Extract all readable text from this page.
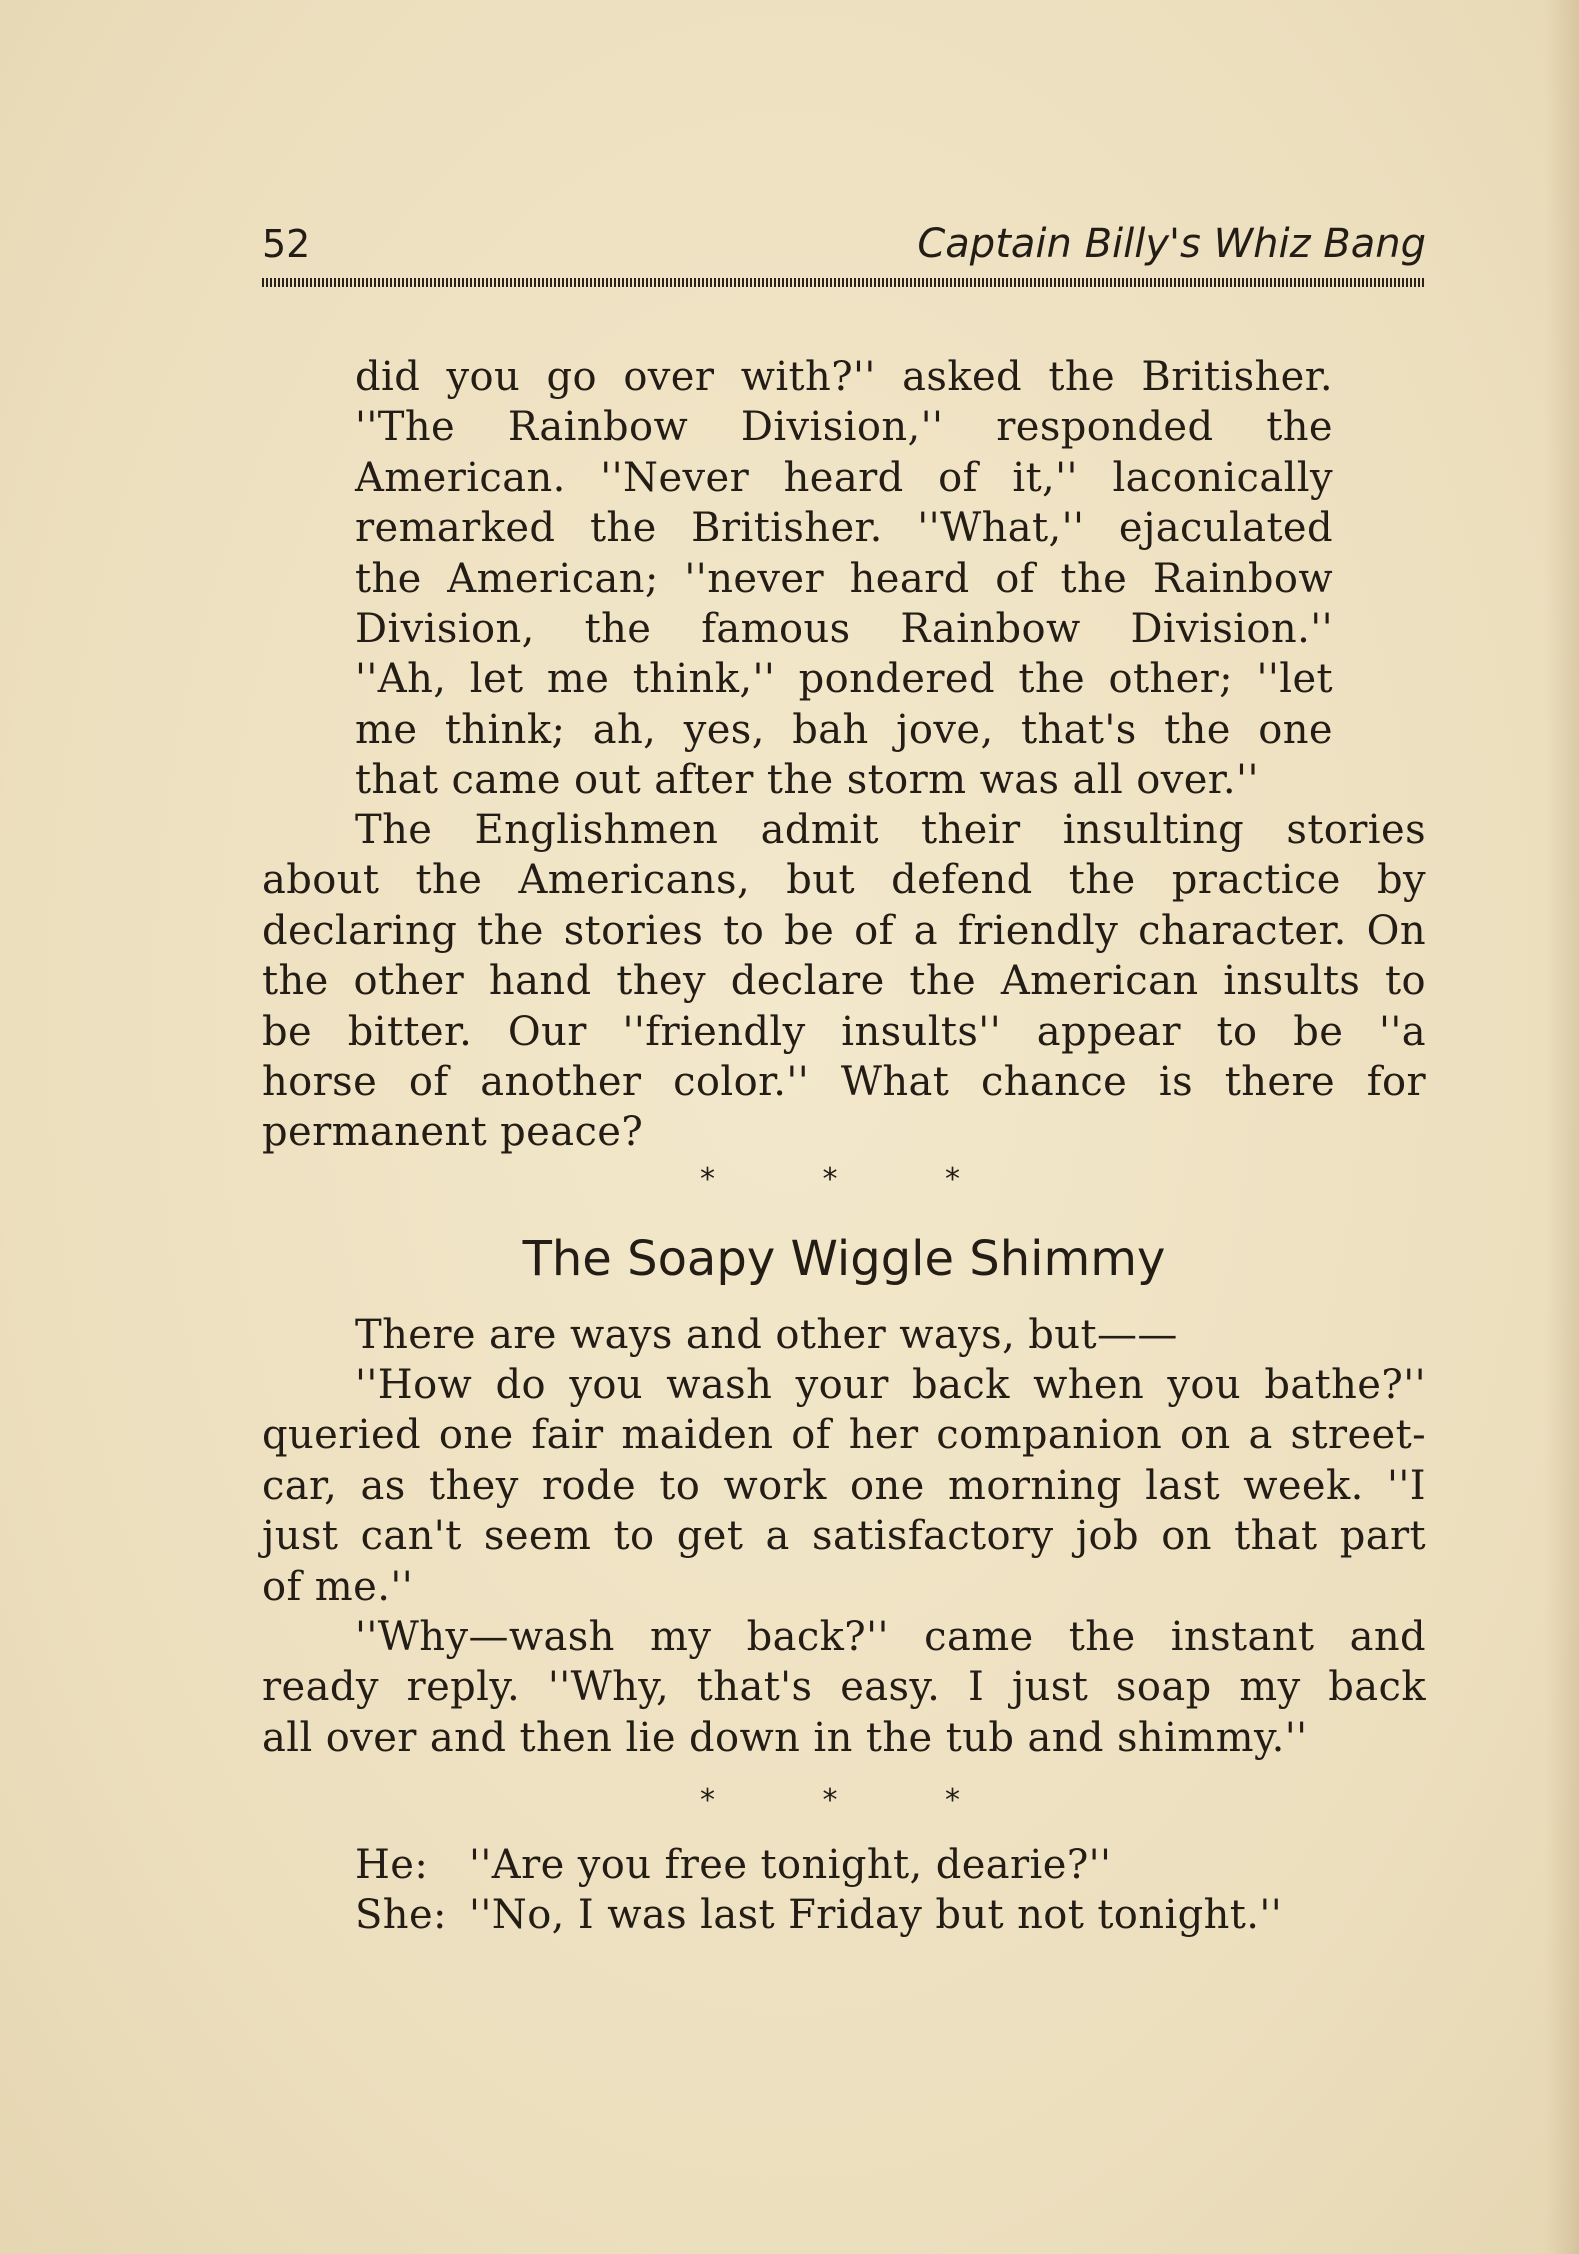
52	Captain Billy's Whiz Bang
did you go over with?'' asked the Britisher.
''The Rainbow Division,'' responded the
American. ''Never heard of it,'' laconically
remarked the Britisher. ''What,'' ejaculated
the American; ''never heard of the Rainbow
Division, the famous Rainbow Division.''
''Ah, let me think,'' pondered the other; ''let
me think; ah, yes, bah jove, that's the one
that came out after the storm was all over.''
The Englishmen admit their insulting stories
about the Americans, but defend the practice by
declaring the stories to be of a friendly character. On
the other hand they declare the American insults to
be bitter. Our ''friendly insults'' appear to be ''a
horse of another color.'' What chance is there for
permanent peace?
*	*	*
The Soapy Wiggle Shimmy
There are ways and other ways, but——
''How do you wash your back when you bathe?''
queried one fair maiden of her companion on a street-
car, as they rode to work one morning last week. ''I
just can't seem to get a satisfactory job on that part
of me.''
''Why—wash my back?'' came the instant and
ready reply. ''Why, that's easy. I just soap my back
all over and then lie down in the tub and shimmy.''
*	*	*
He: ''Are you free tonight, dearie?''
She: ''No, I was last Friday but not tonight.''
